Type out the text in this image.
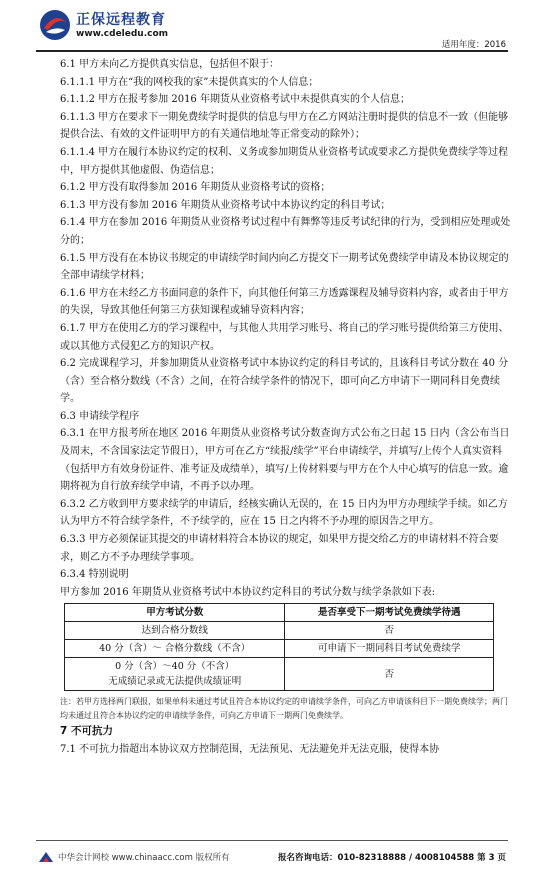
正保远程教育
www.cdeledu.com
适用年度：2016

6.1 甲方未向乙方提供真实信息，包括但不限于：

6.1.1.1 甲方在“我的网校我的家”未提供真实的个人信息；

6.1.1.2 甲方在报考参加 2016 年期货从业资格考试中未提供真实的个人信息；

6.1.1.3 甲方在要求下一期免费续学时提供的信息与甲方在乙方网站注册时提供的信息不一致（但能够提供合法、有效的文件证明甲方的有关通信地址等正常变动的除外）；

6.1.1.4 甲方在履行本协议约定的权利、义务或参加期货从业资格考试或要求乙方提供免费续学等过程中，甲方提供其他虚假、伪造信息；

6.1.2 甲方没有取得参加 2016 年期货从业资格考试的资格；

6.1.3 甲方没有参加 2016 年期货从业资格考试中本协议约定的科目考试；

6.1.4 甲方在参加 2016 年期货从业资格考试过程中有舞弊等违反考试纪律的行为，受到相应处理或处分的；

6.1.5 甲方没有在本协议书规定的申请续学时间内向乙方提交下一期考试免费续学申请及本协议规定的全部申请续学材料；

6.1.6 甲方在未经乙方书面同意的条件下，向其他任何第三方透露课程及辅导资料内容，或者由于甲方的失误，导致其他任何第三方获知课程或辅导资料内容；

6.1.7 甲方在使用乙方的学习课程中，与其他人共用学习账号、将自己的学习账号提供给第三方使用、或以其他方式侵犯乙方的知识产权。

6.2 完成课程学习，并参加期货从业资格考试中本协议约定的科目考试的，且该科目考试分数在 40 分（含）至合格分数线（不含）之间，在符合续学条件的情况下，即可向乙方申请下一期同科目免费续学。

6.3 申请续学程序

6.3.1 在甲方报考所在地区 2016 年期货从业资格考试分数查询方式公布之日起 15 日内（含公布当日及周末，不含国家法定节假日），甲方可在乙方“续报/续学”平台申请续学，并填写/上传个人真实资料（包括甲方有效身份证件、准考证及成绩单），填写/上传材料要与甲方在个人中心填写的信息一致。逾期将视为自行放弃续学申请，不再予以办理。

6.3.2 乙方收到甲方要求续学的申请后，经核实确认无误的，在 15 日内为甲方办理续学手续。如乙方认为甲方不符合续学条件，不予续学的，应在 15 日之内将不予办理的原因告之甲方。

6.3.3 甲方必须保证其提交的申请材料符合本协议的规定，如果甲方提交给乙方的申请材料不符合要求，则乙方不予办理续学事项。

6.3.4 特别说明

甲方参加 2016 年期货从业资格考试中本协议约定科目的考试分数与续学条款如下表:

甲方考试分数	是否享受下一期考试免费续学待遇
达到合格分数线	否
40 分（含）～ 合格分数线（不含）	可申请下一期同科目考试免费续学

0 分（含）～40 分（不含）
无成绩记录或无法提供成绩证明	否

注：若甲方选择两门联报，如果单科未通过考试且符合本协议约定的申请续学条件，可向乙方申请该科目下一期免费续学；两门均未通过且符合本协议约定的申请续学条件，可向乙方申请下一期两门免费续学。

7 不可抗力

7.1 不可抗力指超出本协议双方控制范围，无法预见、无法避免并无法克服，使得本协

中华会计网校 www.chinaacc.com 版权所有	报名咨询电话：010-82318888 / 4008104588 第 3 页
